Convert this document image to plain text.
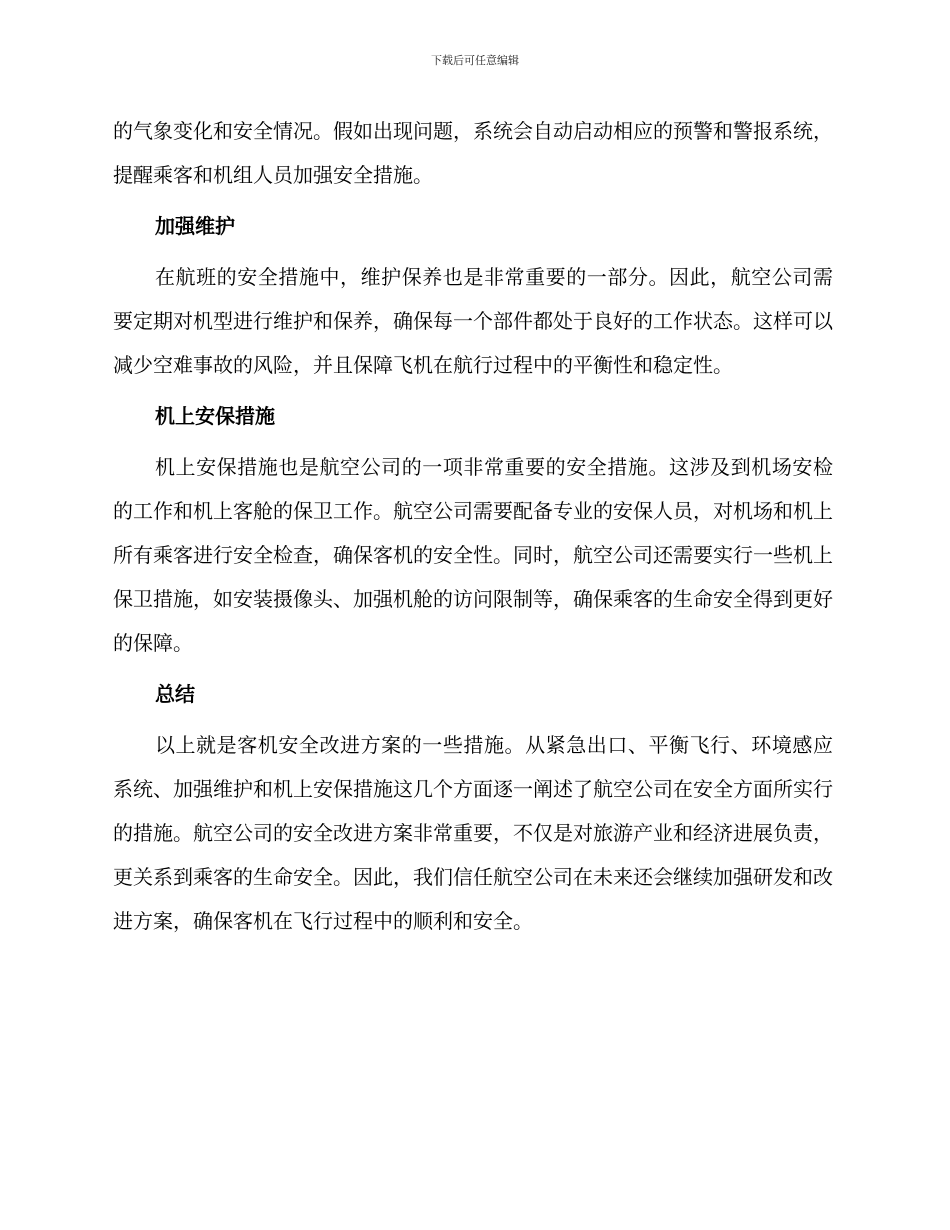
下载后可任意编辑

的气象变化和安全情况。假如出现问题，系统会自动启动相应的预警和警报系统，提醒乘客和机组人员加强安全措施。

加强维护

在航班的安全措施中，维护保养也是非常重要的一部分。因此，航空公司需要定期对机型进行维护和保养，确保每一个部件都处于良好的工作状态。这样可以减少空难事故的风险，并且保障飞机在航行过程中的平衡性和稳定性。

机上安保措施

机上安保措施也是航空公司的一项非常重要的安全措施。这涉及到机场安检的工作和机上客舱的保卫工作。航空公司需要配备专业的安保人员，对机场和机上所有乘客进行安全检查，确保客机的安全性。同时，航空公司还需要实行一些机上保卫措施，如安装摄像头、加强机舱的访问限制等，确保乘客的生命安全得到更好的保障。

总结

以上就是客机安全改进方案的一些措施。从紧急出口、平衡飞行、环境感应系统、加强维护和机上安保措施这几个方面逐一阐述了航空公司在安全方面所实行的措施。航空公司的安全改进方案非常重要，不仅是对旅游产业和经济进展负责，更关系到乘客的生命安全。因此，我们信任航空公司在未来还会继续加强研发和改进方案，确保客机在飞行过程中的顺利和安全。
